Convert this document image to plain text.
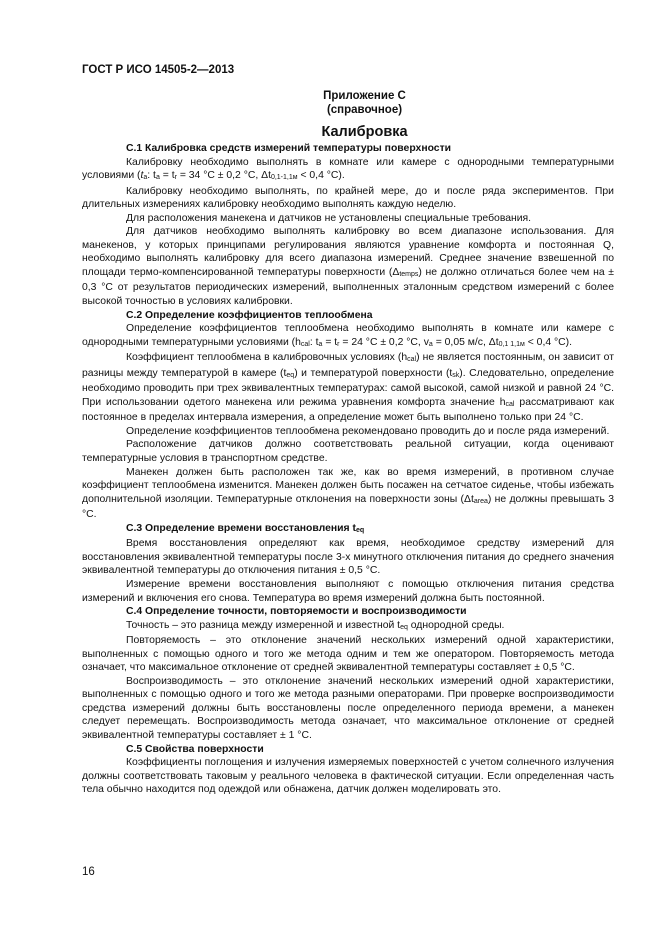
ГОСТ Р ИСО 14505-2—2013
Приложение С
(справочное)
Калибровка

С.1 Калибровка средств измерений температуры поверхности

Калибровку необходимо выполнять в комнате или камере с однородными температурными условиями (ta: ta = tr = 34 °С ± 0,2 °С, Δt0,1-1,1м < 0,4 °С).

Калибровку необходимо выполнять, по крайней мере, до и после ряда экспериментов. При длительных измерениях калибровку необходимо выполнять каждую неделю.

Для расположения манекена и датчиков не установлены специальные требования.

Для датчиков необходимо выполнять калибровку во всем диапазоне использования. Для манекенов, у которых принципами регулирования являются уравнение комфорта и постоянная Q, необходимо выполнять калибровку для всего диапазона измерений. Среднее значение взвешенной по площади термо-компенсированной температуры поверхности (Δtemps) не должно отличаться более чем на ± 0,3 °С от результатов периодических измерений, выполненных эталонным средством измерений с более высокой точностью в условиях калибровки.

С.2 Определение коэффициентов теплообмена

Определение коэффициентов теплообмена необходимо выполнять в комнате или камере с однородными температурными условиями (hcal: ta = tr = 24 °С ± 0,2 °С, va = 0,05 м/с, Δt0,1 1,1м < 0,4 °С).

Коэффициент теплообмена в калибровочных условиях (hcal) не является постоянным, он зависит от разницы между температурой в камере (teq) и температурой поверхности (tsk). Следовательно, определение необходимо проводить при трех эквивалентных температурах: самой высокой, самой низкой и равной 24 °С. При использовании одетого манекена или режима уравнения комфорта значение hcal рассматривают как постоянное в пределах интервала измерения, а определение может быть выполнено только при 24 °С.

Определение коэффициентов теплообмена рекомендовано проводить до и после ряда измерений.

Расположение датчиков должно соответствовать реальной ситуации, когда оценивают температурные условия в транспортном средстве.

Манекен должен быть расположен так же, как во время измерений, в противном случае коэффициент теплообмена изменится. Манекен должен быть посажен на сетчатое сиденье, чтобы избежать дополнительной изоляции. Температурные отклонения на поверхности зоны (Δtarea) не должны превышать 3 °С.

С.3 Определение времени восстановления teq

Время восстановления определяют как время, необходимое средству измерений для восстановления эквивалентной температуры после 3-х минутного отключения питания до среднего значения эквивалентной температуры до отключения питания ± 0,5 °С.

Измерение времени восстановления выполняют с помощью отключения питания средства измерений и включения его снова. Температура во время измерений должна быть постоянной.

С.4 Определение точности, повторяемости и воспроизводимости

Точность – это разница между измеренной и известной teq однородной среды.

Повторяемость – это отклонение значений нескольких измерений одной характеристики, выполненных с помощью одного и того же метода одним и тем же оператором. Повторяемость метода означает, что максимальное отклонение от средней эквивалентной температуры составляет ± 0,5 °С.

Воспроизводимость – это отклонение значений нескольких измерений одной характеристики, выполненных с помощью одного и того же метода разными операторами. При проверке воспроизводимости средства измерений должны быть восстановлены после определенного периода времени, а манекен следует перемещать. Воспроизводимость метода означает, что максимальное отклонение от средней эквивалентной температуры составляет ± 1 °С.

С.5 Свойства поверхности

Коэффициенты поглощения и излучения измеряемых поверхностей с учетом солнечного излучения должны соответствовать таковым у реального человека в фактической ситуации. Если определенная часть тела обычно находится под одеждой или обнажена, датчик должен моделировать это.

16
